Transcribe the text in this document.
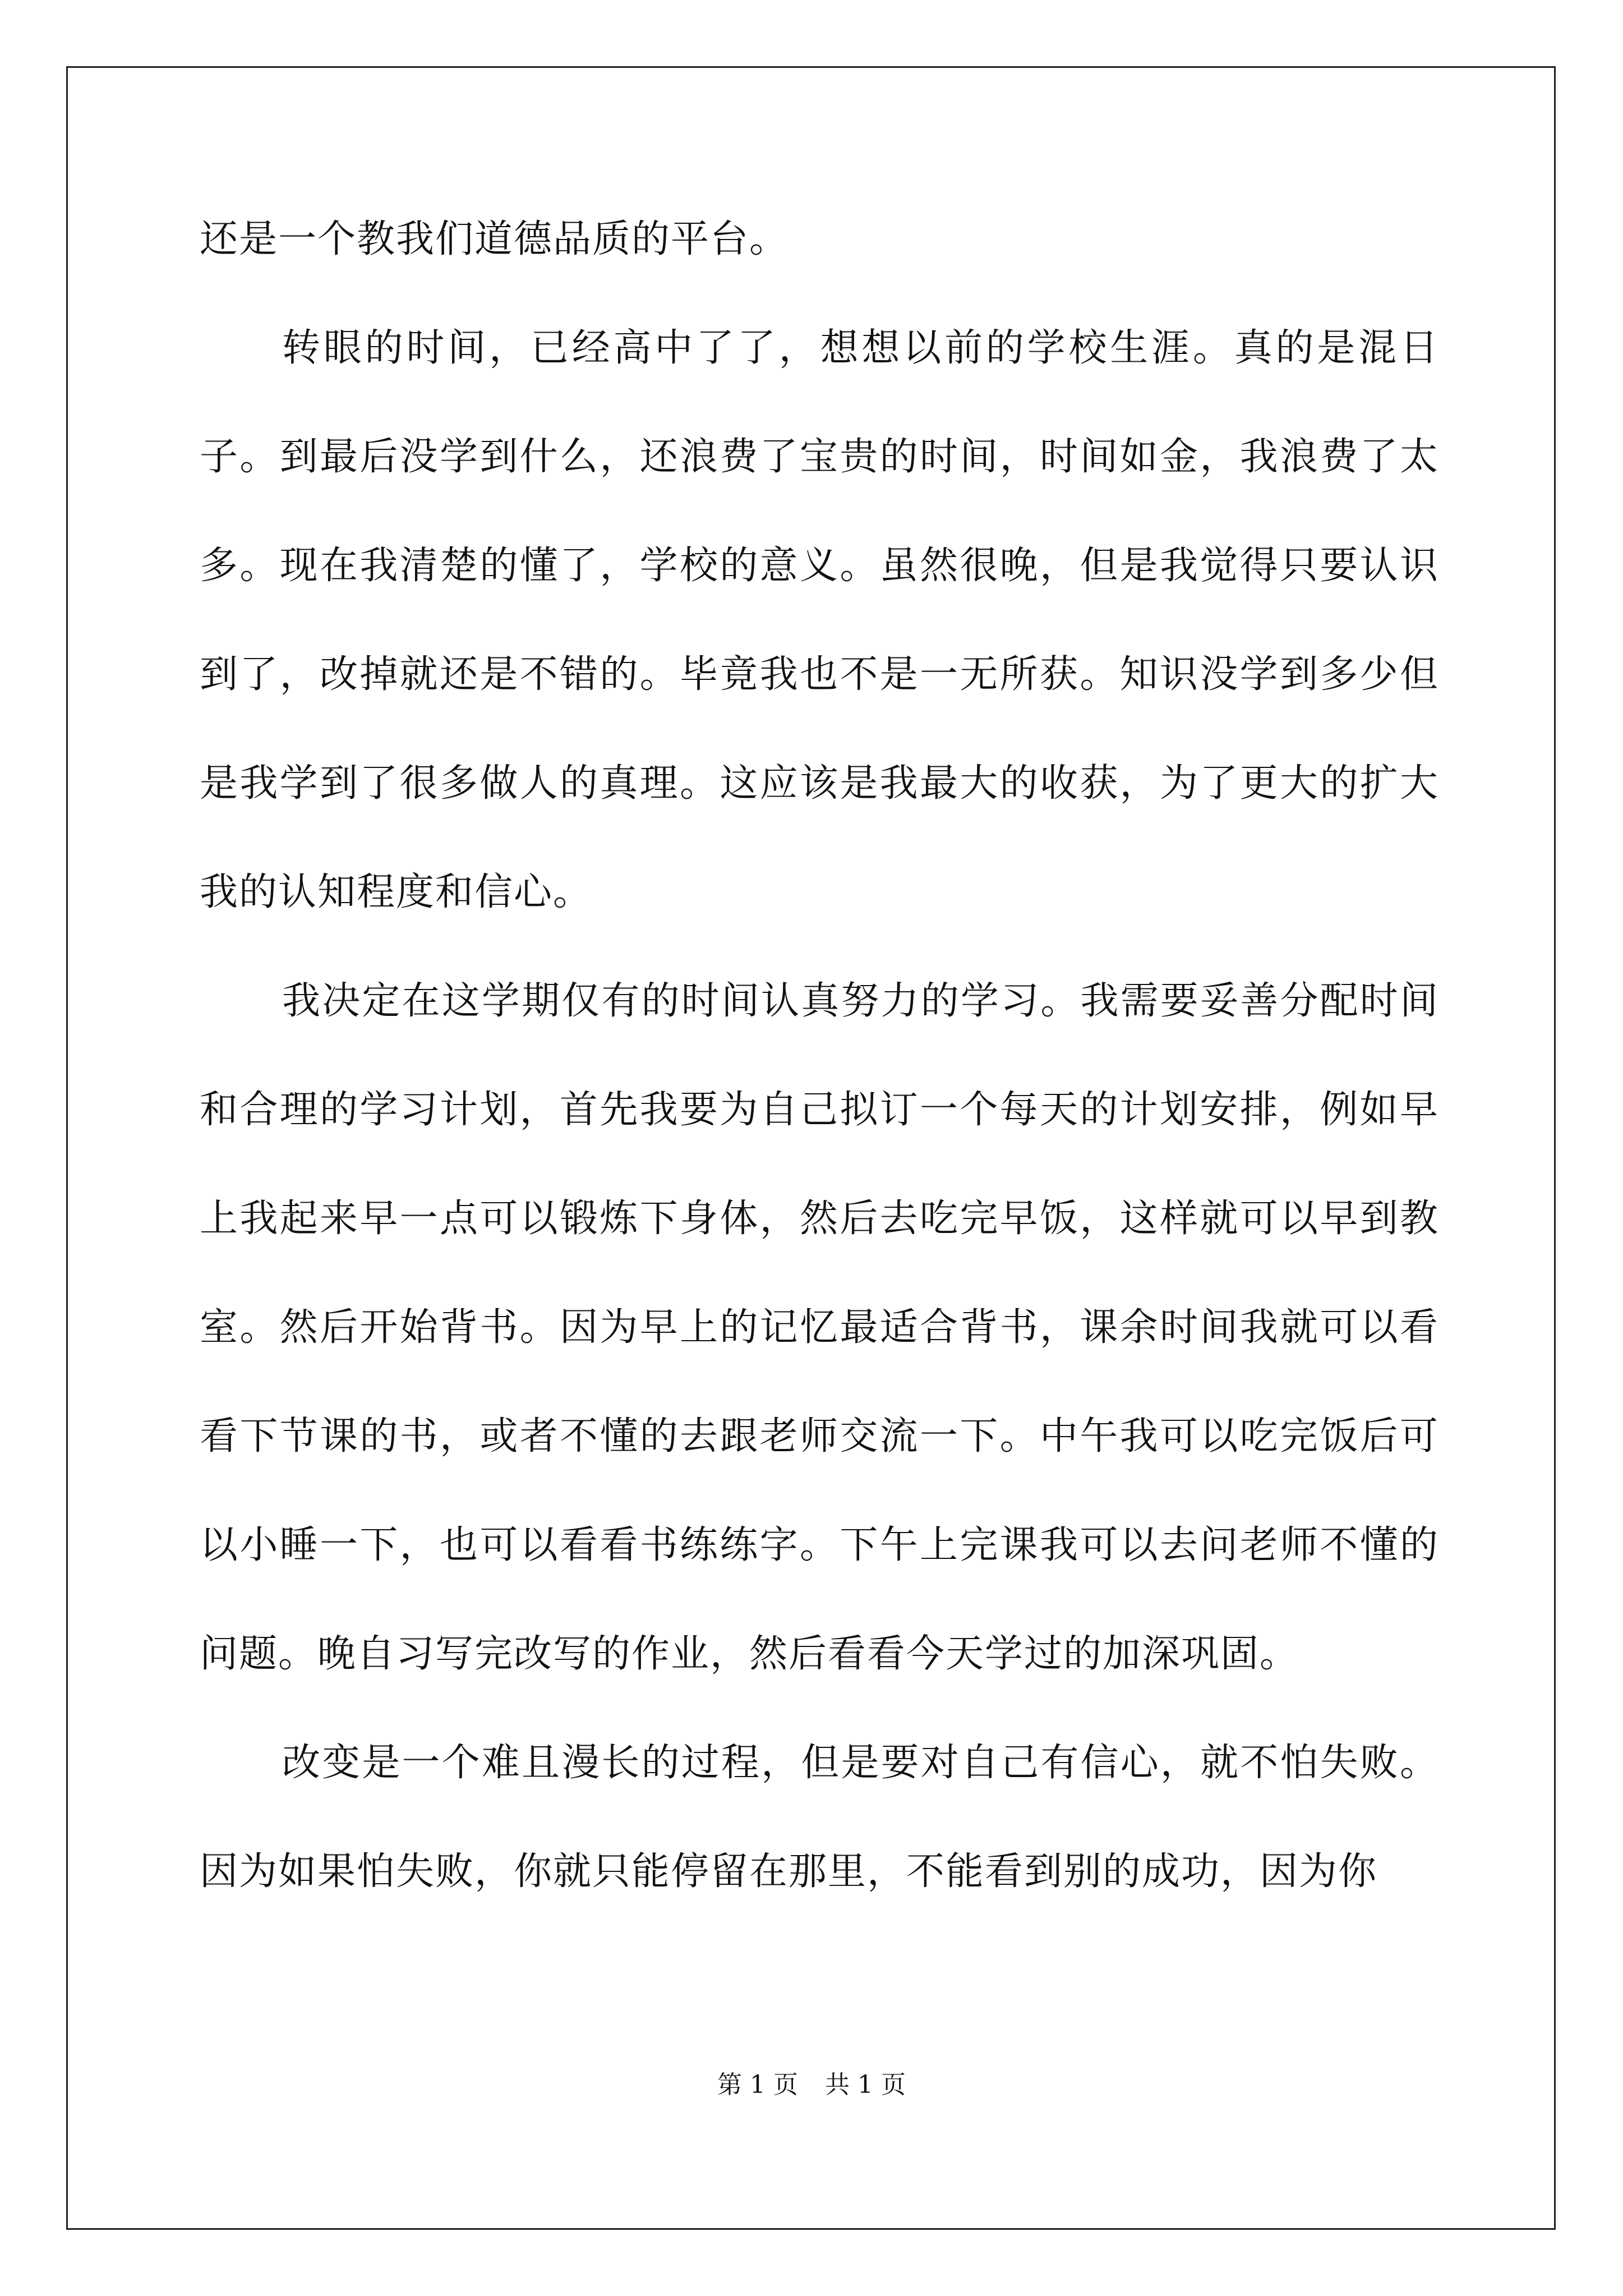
还是一个教我们道德品质的平台。

转眼的时间，已经高中了了，想想以前的学校生涯。真的是混日子。到最后没学到什么，还浪费了宝贵的时间，时间如金，我浪费了太多。现在我清楚的懂了，学校的意义。虽然很晚，但是我觉得只要认识到了，改掉就还是不错的。毕竟我也不是一无所获。知识没学到多少但是我学到了很多做人的真理。这应该是我最大的收获，为了更大的扩大我的认知程度和信心。

我决定在这学期仅有的时间认真努力的学习。我需要妥善分配时间和合理的学习计划，首先我要为自己拟订一个每天的计划安排，例如早上我起来早一点可以锻炼下身体，然后去吃完早饭，这样就可以早到教室。然后开始背书。因为早上的记忆最适合背书，课余时间我就可以看看下节课的书，或者不懂的去跟老师交流一下。中午我可以吃完饭后可以小睡一下，也可以看看书练练字。下午上完课我可以去问老师不懂的问题。晚自习写完改写的作业，然后看看今天学过的加深巩固。

改变是一个难且漫长的过程，但是要对自己有信心，就不怕失败。因为如果怕失败，你就只能停留在那里，不能看到别的成功，因为你

第 1 页 共 1 页
